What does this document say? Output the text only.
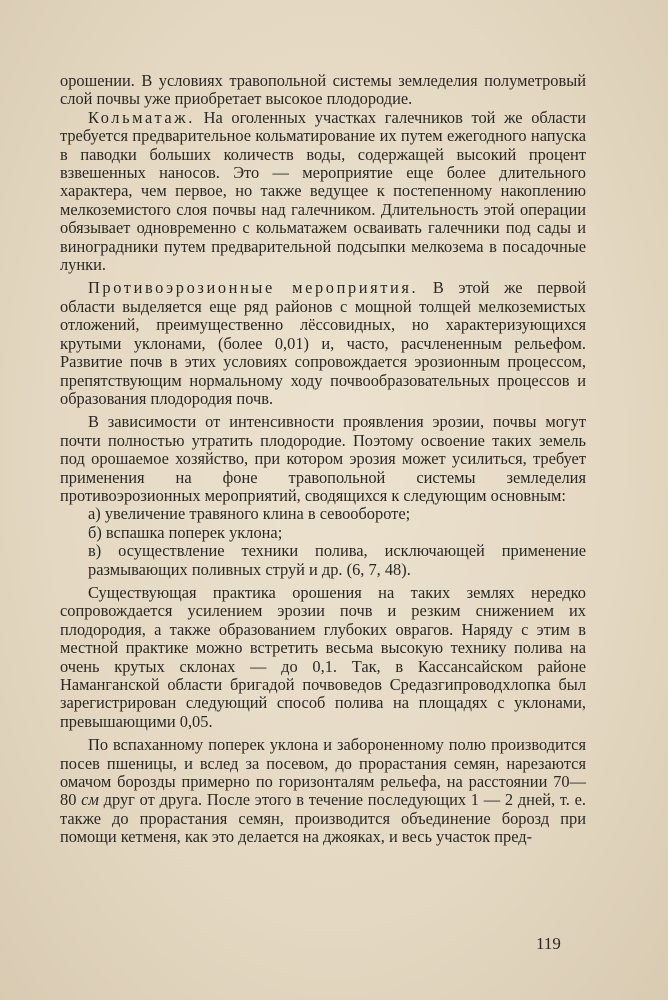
орошении. В условиях травопольной системы земледелия полуметровый слой почвы уже приобретает высокое плодородие.

Кольматаж. На оголенных участках галечников той же области требуется предварительное кольматирование их путем ежегодного напуска в паводки больших количеств воды, содержащей высокий процент взвешенных наносов. Это — мероприятие еще более длительного характера, чем первое, но также ведущее к постепенному накоплению мелкоземистого слоя почвы над галечником. Длительность этой операции обязывает одновременно с кольматажем осваивать галечники под сады и виноградники путем предварительной подсыпки мелкозема в посадочные лунки.

Противоэрозионные мероприятия. В этой же первой области выделяется еще ряд районов с мощной толщей мелкоземистых отложений, преимущественно лёссовидных, но характеризующихся крутыми уклонами, (более 0,01) и, часто, расчлененным рельефом. Развитие почв в этих условиях сопровождается эрозионным процессом, препятствующим нормальному ходу почвообразовательных процессов и образования плодородия почв.

В зависимости от интенсивности проявления эрозии, почвы могут почти полностью утратить плодородие. Поэтому освоение таких земель под орошаемое хозяйство, при котором эрозия может усилиться, требует применения на фоне травопольной системы земледелия противоэрозионных мероприятий, сводящихся к следующим основным:

а) увеличение травяного клина в севообороте;

б) вспашка поперек уклона;

в) осуществление техники полива, исключающей применение размывающих поливных струй и др. (6, 7, 48).

Существующая практика орошения на таких землях нередко сопровождается усилением эрозии почв и резким снижением их плодородия, а также образованием глубоких оврагов. Наряду с этим в местной практике можно встретить весьма высокую технику полива на очень крутых склонах — до 0,1. Так, в Кассансайском районе Наманганской области бригадой почвоведов Средазгипроводхлопка был зарегистрирован следующий способ полива на площадях с уклонами, превышающими 0,05.

По вспаханному поперек уклона и забороненному полю производится посев пшеницы, и вслед за посевом, до прорастания семян, нарезаются омачом борозды примерно по горизонталям рельефа, на расстоянии 70—80 см друг от друга. После этого в течение последующих 1 — 2 дней, т. е. также до прорастания семян, производится объединение борозд при помощи кетменя, как это делается на джояках, и весь участок пред-

119
